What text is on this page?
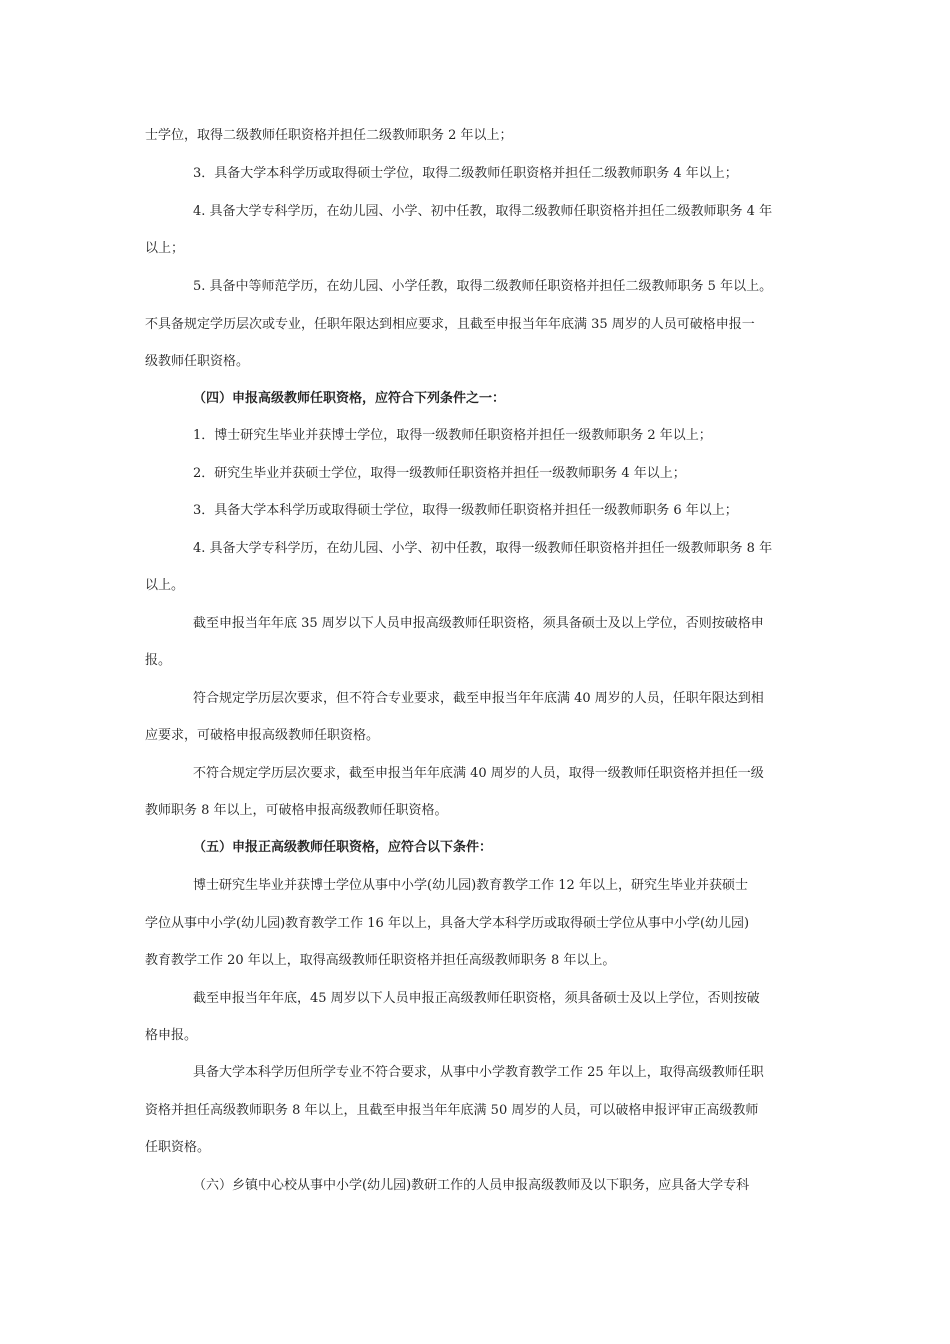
士学位，取得二级教师任职资格并担任二级教师职务 2 年以上；
3．具备大学本科学历或取得硕士学位，取得二级教师任职资格并担任二级教师职务 4 年以上；
4. 具备大学专科学历，在幼儿园、小学、初中任教，取得二级教师任职资格并担任二级教师职务 4 年
以上；
5. 具备中等师范学历，在幼儿园、小学任教，取得二级教师任职资格并担任二级教师职务 5 年以上。
不具备规定学历层次或专业，任职年限达到相应要求，且截至申报当年年底满 35 周岁的人员可破格申报一
级教师任职资格。
（四）申报高级教师任职资格，应符合下列条件之一：
1．博士研究生毕业并获博士学位，取得一级教师任职资格并担任一级教师职务 2 年以上；
2．研究生毕业并获硕士学位，取得一级教师任职资格并担任一级教师职务 4 年以上；
3．具备大学本科学历或取得硕士学位，取得一级教师任职资格并担任一级教师职务 6 年以上；
4. 具备大学专科学历，在幼儿园、小学、初中任教，取得一级教师任职资格并担任一级教师职务 8 年
以上。
截至申报当年年底 35 周岁以下人员申报高级教师任职资格，须具备硕士及以上学位，否则按破格申
报。
符合规定学历层次要求，但不符合专业要求，截至申报当年年底满 40 周岁的人员，任职年限达到相
应要求，可破格申报高级教师任职资格。
不符合规定学历层次要求，截至申报当年年底满 40 周岁的人员，取得一级教师任职资格并担任一级
教师职务 8 年以上，可破格申报高级教师任职资格。
（五）申报正高级教师任职资格，应符合以下条件：
博士研究生毕业并获博士学位从事中小学(幼儿园)教育教学工作 12 年以上，研究生毕业并获硕士
学位从事中小学(幼儿园)教育教学工作 16 年以上，具备大学本科学历或取得硕士学位从事中小学(幼儿园)
教育教学工作 20 年以上，取得高级教师任职资格并担任高级教师职务 8 年以上。
截至申报当年年底，45 周岁以下人员申报正高级教师任职资格，须具备硕士及以上学位，否则按破
格申报。
具备大学本科学历但所学专业不符合要求，从事中小学教育教学工作 25 年以上，取得高级教师任职
资格并担任高级教师职务 8 年以上，且截至申报当年年底满 50 周岁的人员，可以破格申报评审正高级教师
任职资格。
（六）乡镇中心校从事中小学(幼儿园)教研工作的人员申报高级教师及以下职务，应具备大学专科
